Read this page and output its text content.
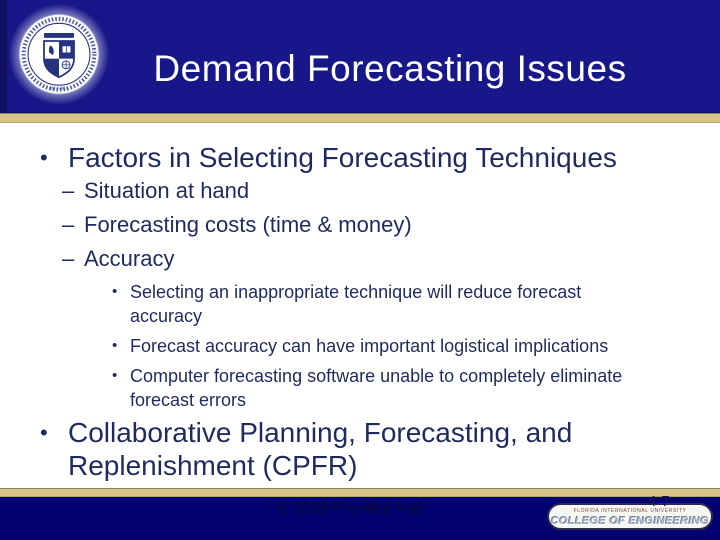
MIAMI	Demand Forecasting Issues
• Factors in Selecting Forecasting Techniques
– Situation at hand
– Forecasting costs (time & money)
– Accuracy
• Selecting an inappropriate technique will reduce forecast
accuracy
• Forecast accuracy can have important logistical implications
• Computer forecasting software unable to completely eliminate
forecast errors
• Collaborative Planning, Forecasting, and
Replenishment (CPFR)
© 2008 Prentice Hall	4-7
FLORIDA INTERNATIONAL UNIVERSITY
COLLEGE OF ENGINEERING
